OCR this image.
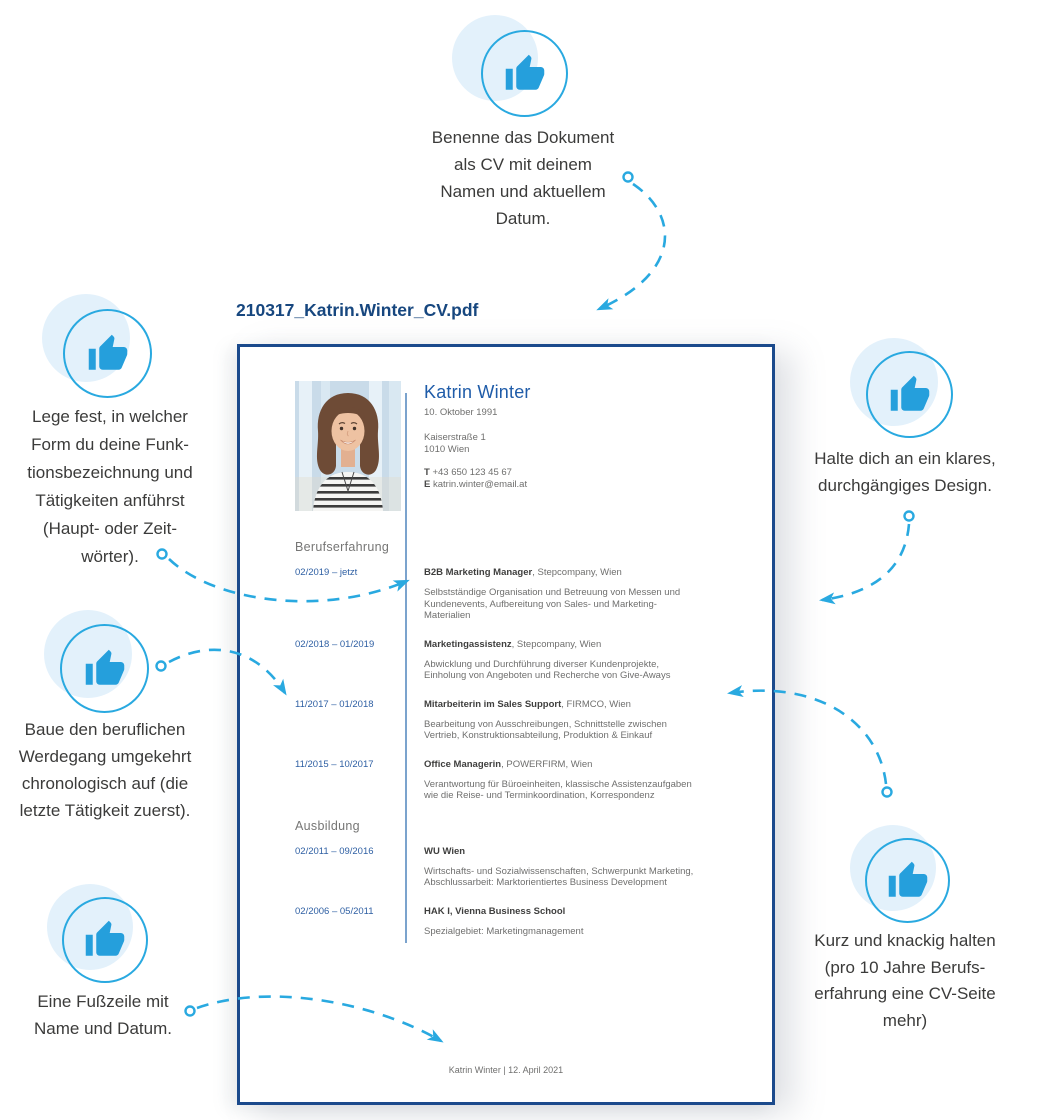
Katrin Winter
10. Oktober 1991
Kaiserstraße 1
1010 Wien
T +43 650 123 45 67
E katrin.winter@email.at
Berufserfahrung
02/2019 – jetzt	B2B Marketing Manager, Stepcompany, Wien
Selbstständige Organisation und Betreuung von Messen und
Kundenevents, Aufbereitung von Sales- und Marketing-
Materialien
02/2018 – 01/2019	Marketingassistenz, Stepcompany, Wien
Abwicklung und Durchführung diverser Kundenprojekte,
Einholung von Angeboten und Recherche von Give-Aways
11/2017 – 01/2018	Mitarbeiterin im Sales Support, FIRMCO, Wien
Bearbeitung von Ausschreibungen, Schnittstelle zwischen
Vertrieb, Konstruktionsabteilung, Produktion & Einkauf
11/2015 – 10/2017	Office Managerin, POWERFIRM, Wien
Verantwortung für Büroeinheiten, klassische Assistenzaufgaben
wie die Reise- und Terminkoordination, Korrespondenz
Ausbildung
02/2011 – 09/2016	WU Wien
Wirtschafts- und Sozialwissenschaften, Schwerpunkt Marketing,
Abschlussarbeit: Marktorientiertes Business Development
02/2006 – 05/2011	HAK I, Vienna Business School
Spezialgebiet: Marketingmanagement
Katrin Winter | 12. April 2021
210317_Katrin.Winter_CV.pdf
Benenne das Dokument
als CV mit deinem
Namen und aktuellem
Datum.
Lege fest, in welcher
Form du deine Funk-
tionsbezeichnung und
Tätigkeiten anführst
(Haupt- oder Zeit-
wörter).
Baue den beruflichen
Werdegang umgekehrt
chronologisch auf (die
letzte Tätigkeit zuerst).
Eine Fußzeile mit
Name und Datum.
Halte dich an ein klares,
durchgängiges Design.
Kurz und knackig halten
(pro 10 Jahre Berufs-
erfahrung eine CV-Seite
mehr)
